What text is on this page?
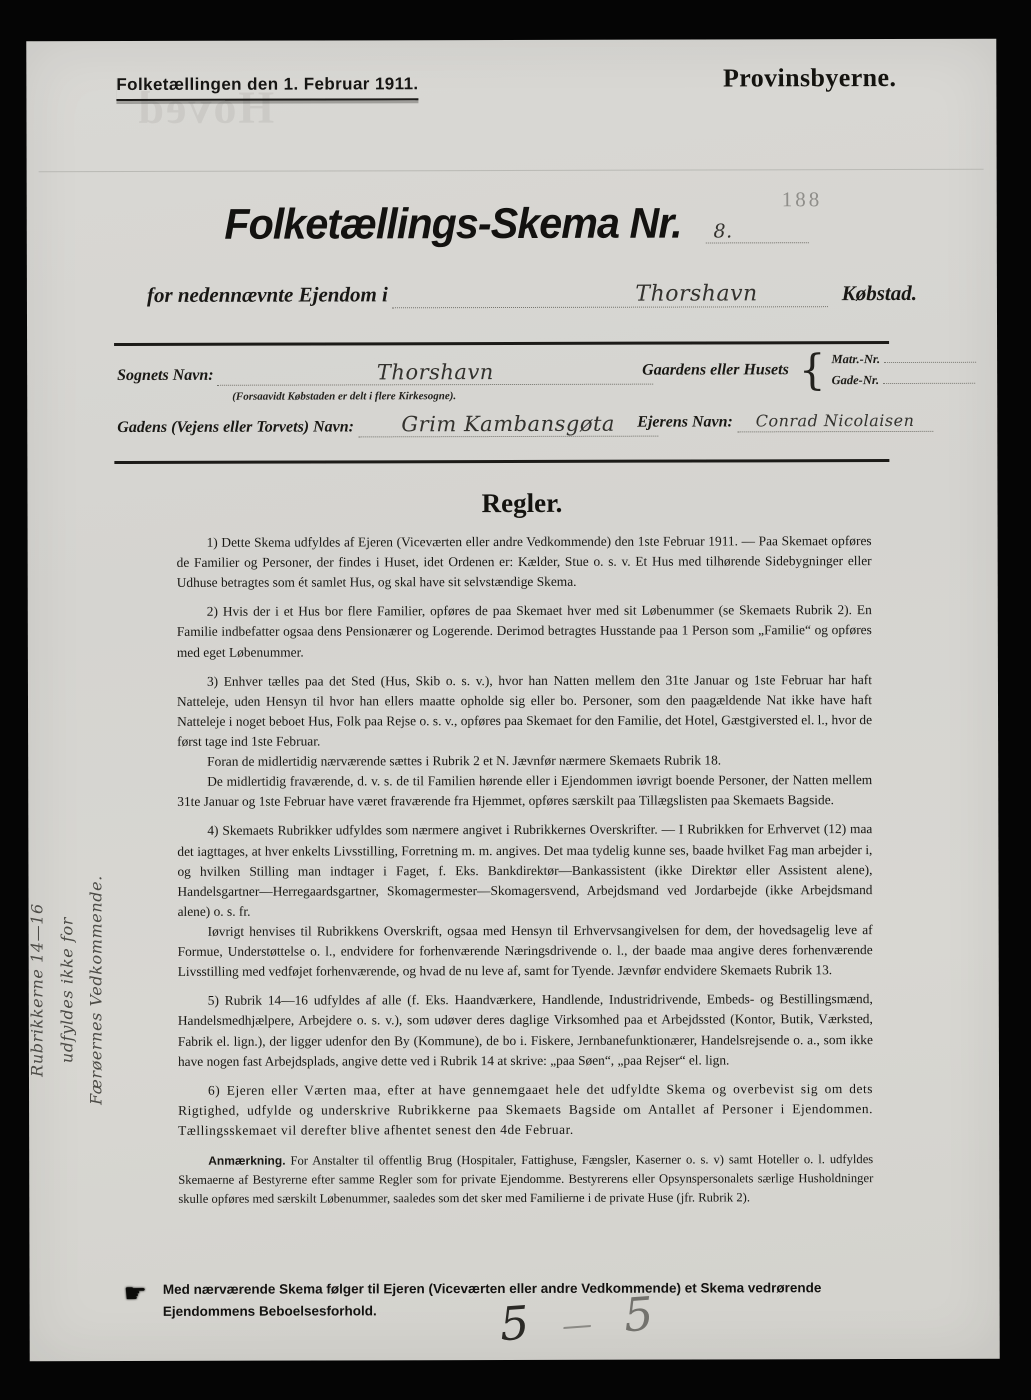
Hoved
Folketællingen den 1. Februar 1911.	Provinsbyerne.
188
Folketællings-Skema Nr.	8.
for nedennævnte Ejendom i	Thorshavn	Købstad.
Sognets Navn:	Thorshavn
(Forsaavidt Købstaden er delt i flere Kirkesogne).
Gaardens eller Husets { Matr.-Nr.
Gade-Nr.
Gadens (Vejens eller Torvets) Navn:	Grim Kambansgøta	Ejerens Navn:	Conrad Nicolaisen
Regler.

1) Dette Skema udfyldes af Ejeren (Viceværten eller andre Vedkommende) den 1ste Februar 1911. — Paa Skemaet opføres de Familier og Personer, der findes i Huset, idet Ordenen er: Kælder, Stue o. s. v. Et Hus med tilhørende Sidebygninger eller Udhuse betragtes som ét samlet Hus, og skal have sit selvstændige Skema.

2) Hvis der i et Hus bor flere Familier, opføres de paa Skemaet hver med sit Løbenummer (se Skemaets Rubrik 2). En Familie indbefatter ogsaa dens Pensionærer og Logerende. Derimod betragtes Husstande paa 1 Person som „Familie“ og opføres med eget Løbenummer.

3) Enhver tælles paa det Sted (Hus, Skib o. s. v.), hvor han Natten mellem den 31te Januar og 1ste Februar har haft Natteleje, uden Hensyn til hvor han ellers maatte opholde sig eller bo. Personer, som den paagældende Nat ikke have haft Natteleje i noget beboet Hus, Folk paa Rejse o. s. v., opføres paa Skemaet for den Familie, det Hotel, Gæstgiversted el. l., hvor de først tage ind 1ste Februar.

Foran de midlertidig nærværende sættes i Rubrik 2 et N. Jævnfør nærmere Skemaets Rubrik 18.

De midlertidig fraværende, d. v. s. de til Familien hørende eller i Ejendommen iøvrigt boende Personer, der Natten mellem 31te Januar og 1ste Februar have været fraværende fra Hjemmet, opføres særskilt paa Tillægslisten paa Skemaets Bagside.

4) Skemaets Rubrikker udfyldes som nærmere angivet i Rubrikkernes Overskrifter. — I Rubrikken for Erhvervet (12) maa det iagttages, at hver enkelts Livsstilling, Forretning m. m. angives. Det maa tydelig kunne ses, baade hvilket Fag man arbejder i, og hvilken Stilling man indtager i Faget, f. Eks. Bankdirektør—Bankassistent (ikke Direktør eller Assistent alene), Handelsgartner—Herregaardsgartner, Skomagermester—Skomagersvend, Arbejdsmand ved Jordarbejde (ikke Arbejdsmand alene) o. s. fr.

Iøvrigt henvises til Rubrikkens Overskrift, ogsaa med Hensyn til Erhvervsangivelsen for dem, der hovedsagelig leve af Formue, Understøttelse o. l., endvidere for forhenværende Næringsdrivende o. l., der baade maa angive deres forhenværende Livsstilling med vedføjet forhenværende, og hvad de nu leve af, samt for Tyende. Jævnfør endvidere Skemaets Rubrik 13.

5) Rubrik 14—16 udfyldes af alle (f. Eks. Haandværkere, Handlende, Industridrivende, Embeds- og Bestillingsmænd, Handelsmedhjælpere, Arbejdere o. s. v.), som udøver deres daglige Virksomhed paa et Arbejdssted (Kontor, Butik, Værksted, Fabrik el. lign.), der ligger udenfor den By (Kommune), de bo i. Fiskere, Jernbanefunktionærer, Handelsrejsende o. a., som ikke have nogen fast Arbejdsplads, angive dette ved i Rubrik 14 at skrive: „paa Søen“, „paa Rejser“ el. lign.

6) Ejeren eller Værten maa, efter at have gennemgaaet hele det udfyldte Skema og overbevist sig om dets Rigtighed, udfylde og underskrive Rubrikkerne paa Skemaets Bagside om Antallet af Personer i Ejendommen. Tællingsskemaet vil derefter blive afhentet senest den 4de Februar.

Anmærkning. For Anstalter til offentlig Brug (Hospitaler, Fattighuse, Fængsler, Kaserner o. s. v) samt Hoteller o. l. udfyldes Skemaerne af Bestyrerne efter samme Regler som for private Ejendomme. Bestyrerens eller Opsynspersonalets særlige Husholdninger skulle opføres med særskilt Løbenummer, saaledes som det sker med Familierne i de private Huse (jfr. Rubrik 2).

☛ Med nærværende Skema følger til Ejeren (Viceværten eller andre Vedkommende) et Skema vedrørende Ejendommens Beboelsesforhold.	5 — 5
Rubrikkerne 14—16 udfyldes ikke for Færøernes Vedkommende.
